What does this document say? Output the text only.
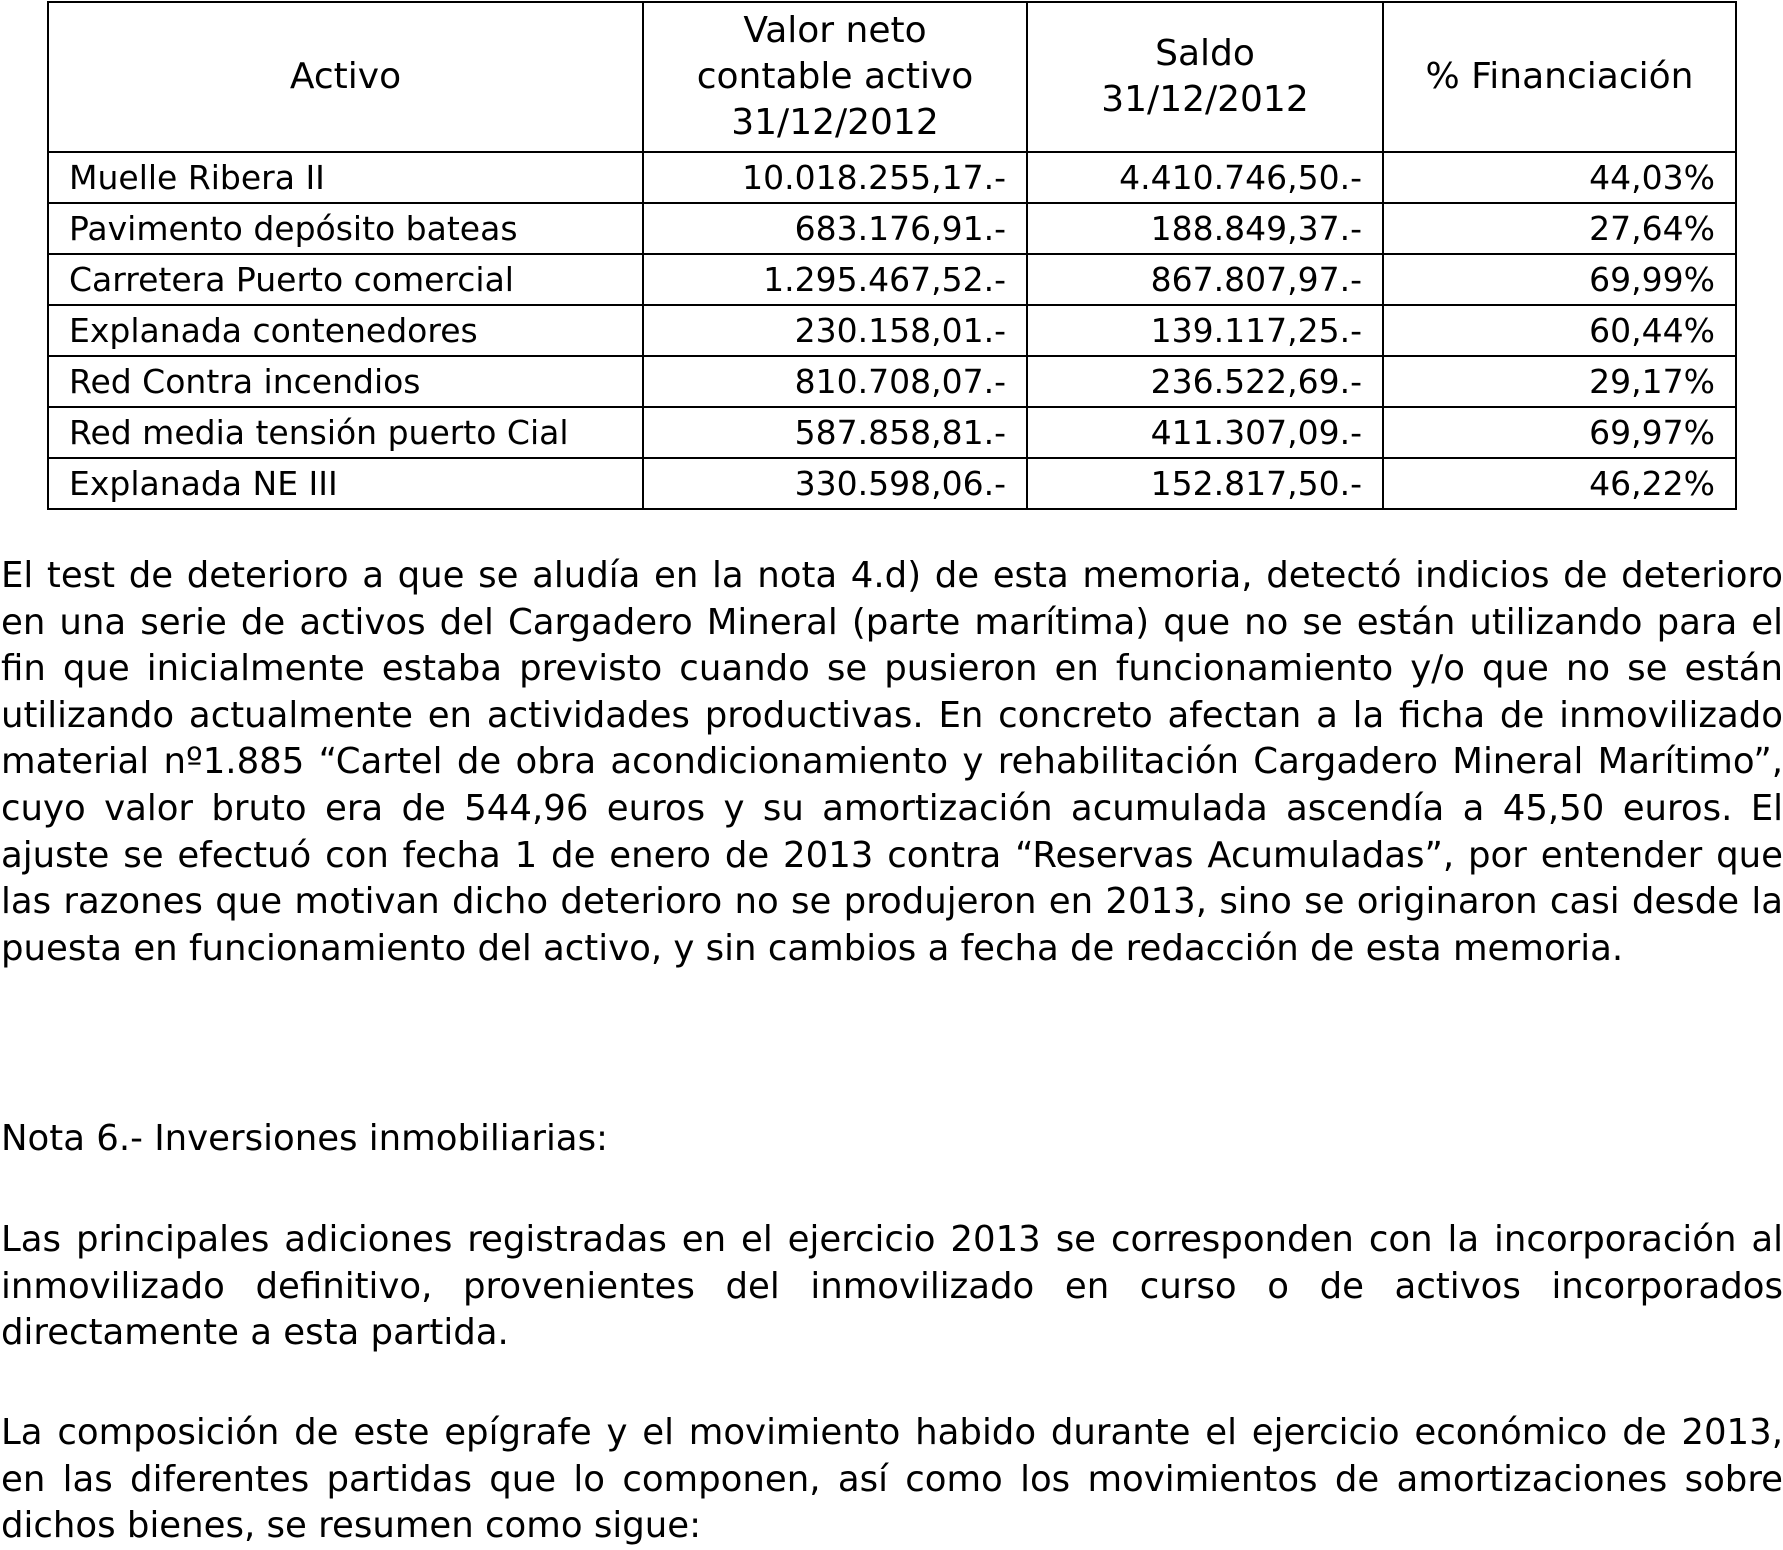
Activo	Valor neto contable activo 31/12/2012	Saldo 31/12/2012	% Financiación
Muelle Ribera II	10.018.255,17.-	4.410.746,50.-	44,03%
Pavimento depósito bateas	683.176,91.-	188.849,37.-	27,64%
Carretera Puerto comercial	1.295.467,52.-	867.807,97.-	69,99%
Explanada contenedores	230.158,01.-	139.117,25.-	60,44%
Red Contra incendios	810.708,07.-	236.522,69.-	29,17%
Red media tensión puerto Cial	587.858,81.-	411.307,09.-	69,97%
Explanada NE III	330.598,06.-	152.817,50.-	46,22%

El test de deterioro a que se aludía en la nota 4.d) de esta memoria, detectó indicios de deterioro en una serie de activos del Cargadero Mineral (parte marítima) que no se están utilizando para el fin que inicialmente estaba previsto cuando se pusieron en funcionamiento y/o que no se están utilizando actualmente en actividades productivas. En concreto afectan a la ficha de inmovilizado material nº1.885 “Cartel de obra acondicionamiento y rehabilitación Cargadero Mineral Marítimo”, cuyo valor bruto era de 544,96 euros y su amortización acumulada ascendía a 45,50 euros. El ajuste se efectuó con fecha 1 de enero de 2013 contra “Reservas Acumuladas”, por entender que las razones que motivan dicho deterioro no se produjeron en 2013, sino se originaron casi desde la puesta en funcionamiento del activo, y sin cambios a fecha de redacción de esta memoria.

Nota 6.- Inversiones inmobiliarias:

Las principales adiciones registradas en el ejercicio 2013 se corresponden con la incorporación al inmovilizado definitivo, provenientes del inmovilizado en curso o de activos incorporados directamente a esta partida.

La composición de este epígrafe y el movimiento habido durante el ejercicio económico de 2013, en las diferentes partidas que lo componen, así como los movimientos de amortizaciones sobre dichos bienes, se resumen como sigue:
